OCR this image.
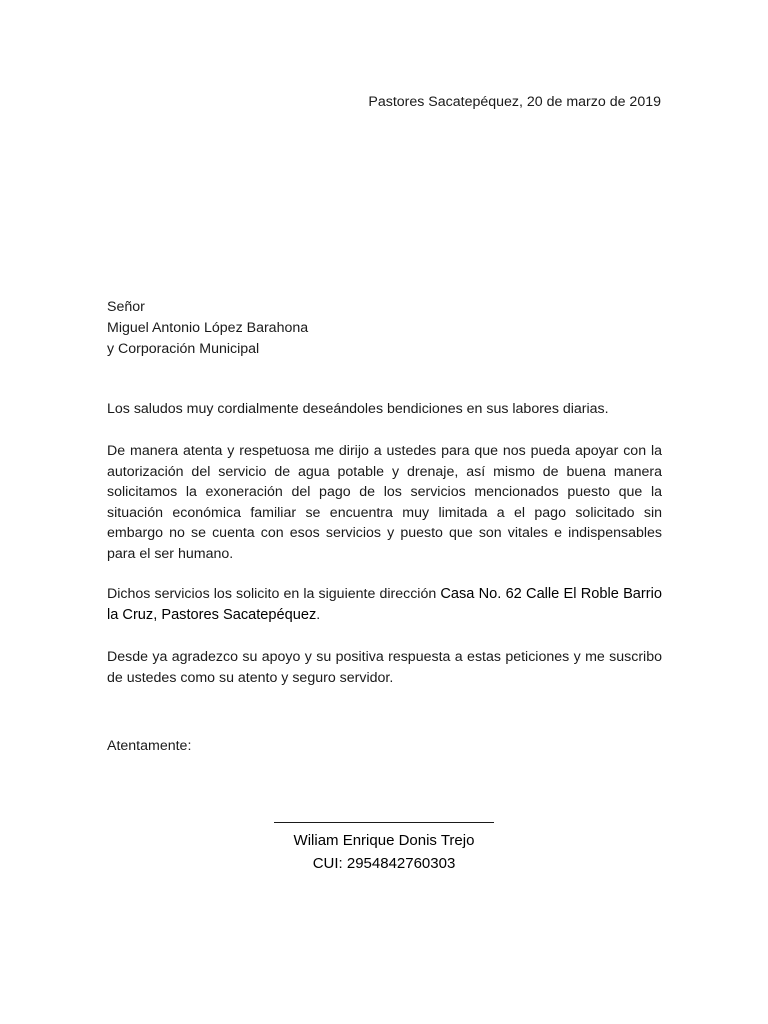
Pastores Sacatepéquez, 20 de marzo de 2019
Señor
Miguel Antonio López Barahona
y Corporación Municipal
Los saludos muy cordialmente deseándoles bendiciones en sus labores diarias.
De manera atenta y respetuosa me dirijo a ustedes para que nos pueda apoyar con la autorización del servicio de agua potable y drenaje, así mismo de buena manera solicitamos la exoneración del pago de los servicios mencionados puesto que la situación económica familiar se encuentra muy limitada a el pago solicitado sin embargo no se cuenta con esos servicios y puesto que son vitales e indispensables para el ser humano.
Dichos servicios los solicito en la siguiente dirección Casa No. 62 Calle El Roble Barrio la Cruz, Pastores Sacatepéquez.
Desde ya agradezco su apoyo y su positiva respuesta a estas peticiones y me suscribo de ustedes como su atento y seguro servidor.
Atentamente:
Wiliam Enrique Donis Trejo
CUI: 2954842760303
